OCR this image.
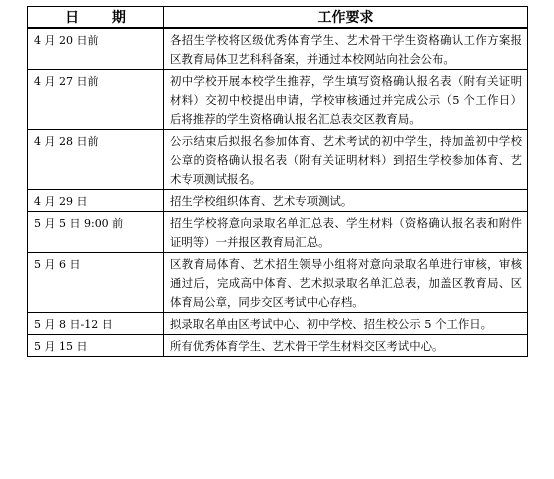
日 期	工作要求
4 月 20 日前	各招生学校将区级优秀体育学生、艺术骨干学生资格确认工作方案报区教育局体卫艺科科备案，并通过本校网站向社会公布。
4 月 27 日前	初中学校开展本校学生推荐，学生填写资格确认报名表（附有关证明材料）交初中校提出申请，学校审核通过并完成公示（5 个工作日）后将推荐的学生资格确认报名汇总表交区教育局。
4 月 28 日前	公示结束后拟报名参加体育、艺术考试的初中学生，持加盖初中学校公章的资格确认报名表（附有关证明材料）到招生学校参加体育、艺术专项测试报名。
4 月 29 日	招生学校组织体育、艺术专项测试。
5 月 5 日 9:00 前	招生学校将意向录取名单汇总表、学生材料（资格确认报名表和附件证明等）一并报区教育局汇总。
5 月 6 日	区教育局体育、艺术招生领导小组将对意向录取名单进行审核，审核通过后，完成高中体育、艺术拟录取名单汇总表，加盖区教育局、区体育局公章，同步交区考试中心存档。
5 月 8 日-12 日	拟录取名单由区考试中心、初中学校、招生校公示 5 个工作日。
5 月 15 日	所有优秀体育学生、艺术骨干学生材料交区考试中心。
